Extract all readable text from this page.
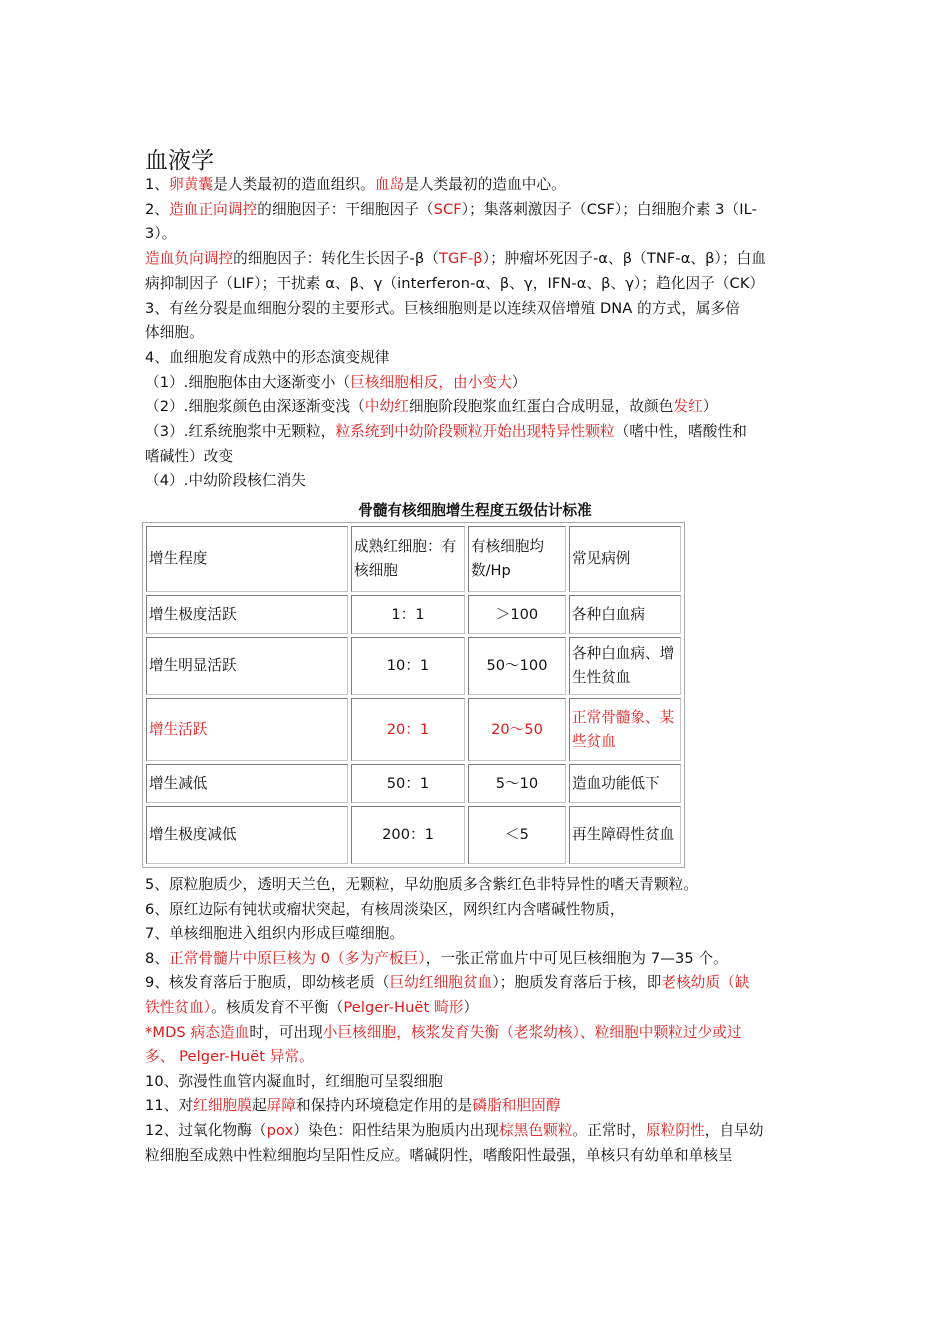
血液学
1、卵黄囊是人类最初的造血组织。血岛是人类最初的造血中心。
2、造血正向调控的细胞因子：干细胞因子（SCF）；集落刺激因子（CSF）；白细胞介素 3（IL-
3）。
造血负向调控的细胞因子：转化生长因子-β（TGF-β）；肿瘤坏死因子-α、β（TNF-α、β）；白血
病抑制因子（LIF）；干扰素 α、β、γ（interferon-α、β、γ，IFN-α、β、γ）；趋化因子（CK）
3、有丝分裂是血细胞分裂的主要形式。巨核细胞则是以连续双倍增殖 DNA 的方式，属多倍
体细胞。
4、血细胞发育成熟中的形态演变规律
（1）.细胞胞体由大逐渐变小（巨核细胞相反，由小变大）
（2）.细胞浆颜色由深逐渐变浅（中幼红细胞阶段胞浆血红蛋白合成明显，故颜色发红）
（3）.红系统胞浆中无颗粒，粒系统到中幼阶段颗粒开始出现特异性颗粒（嗜中性，嗜酸性和
嗜碱性）改变
（4）.中幼阶段核仁消失
骨髓有核细胞增生程度五级估计标准
增生程度	成熟红细胞：有核细胞	有核细胞均数/Hp	常见病例
增生极度活跃	1：1	＞100	各种白血病
增生明显活跃	10：1	50～100	各种白血病、增生性贫血
增生活跃	20：1	20～50	正常骨髓象、某些贫血
增生减低	50：1	5～10	造血功能低下
增生极度减低	200：1	＜5	再生障碍性贫血
5、原粒胞质少，透明天兰色，无颗粒，早幼胞质多含紫红色非特异性的嗜天青颗粒。
6、原红边际有钝状或瘤状突起，有核周淡染区，网织红内含嗜碱性物质，
7、单核细胞进入组织内形成巨噬细胞。
8、正常骨髓片中原巨核为 0（多为产板巨），一张正常血片中可见巨核细胞为 7—35 个。
9、核发育落后于胞质，即幼核老质（巨幼红细胞贫血）；胞质发育落后于核，即老核幼质（缺
铁性贫血）。核质发育不平衡（Pelger-Huët 畸形）
*MDS 病态造血时，可出现小巨核细胞，核浆发育失衡（老浆幼核）、粒细胞中颗粒过少或过
多、 Pelger-Huët 异常。
10、弥漫性血管内凝血时，红细胞可呈裂细胞
11、对红细胞膜起屏障和保持内环境稳定作用的是磷脂和胆固醇
12、过氧化物酶（pox）染色：阳性结果为胞质内出现棕黑色颗粒。正常时，原粒阴性，自早幼
粒细胞至成熟中性粒细胞均呈阳性反应。嗜碱阴性，嗜酸阳性最强，单核只有幼单和单核呈
